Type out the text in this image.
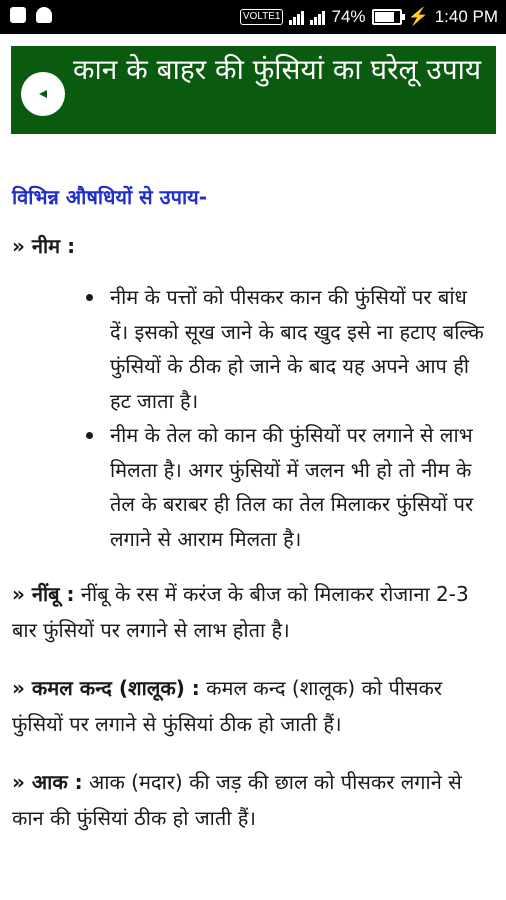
VOLTE1	74% ⚡ 1:40 PM
कान के बाहर की फुंसियां का घरेलू उपाय

विभिन्न औषधियों से उपाय-

» नीम :

नीम के पत्तों को पीसकर कान की फुंसियों पर बांध दें। इसको सूख जाने के बाद खुद इसे ना हटाए बल्कि फुंसियों के ठीक हो जाने के बाद यह अपने आप ही हट जाता है।
नीम के तेल को कान की फुंसियों पर लगाने से लाभ मिलता है। अगर फुंसियों में जलन भी हो तो नीम के तेल के बराबर ही तिल का तेल मिलाकर फुंसियों पर लगाने से आराम मिलता है।

» नींबू : नींबू के रस में करंज के बीज को मिलाकर रोजाना 2-3 बार फुंसियों पर लगाने से लाभ होता है।

» कमल कन्द (शालूक) : कमल कन्द (शालूक) को पीसकर फुंसियों पर लगाने से फुंसियां ठीक हो जाती हैं।

» आक : आक (मदार) की जड़ की छाल को पीसकर लगाने से कान की फुंसियां ठीक हो जाती हैं।
